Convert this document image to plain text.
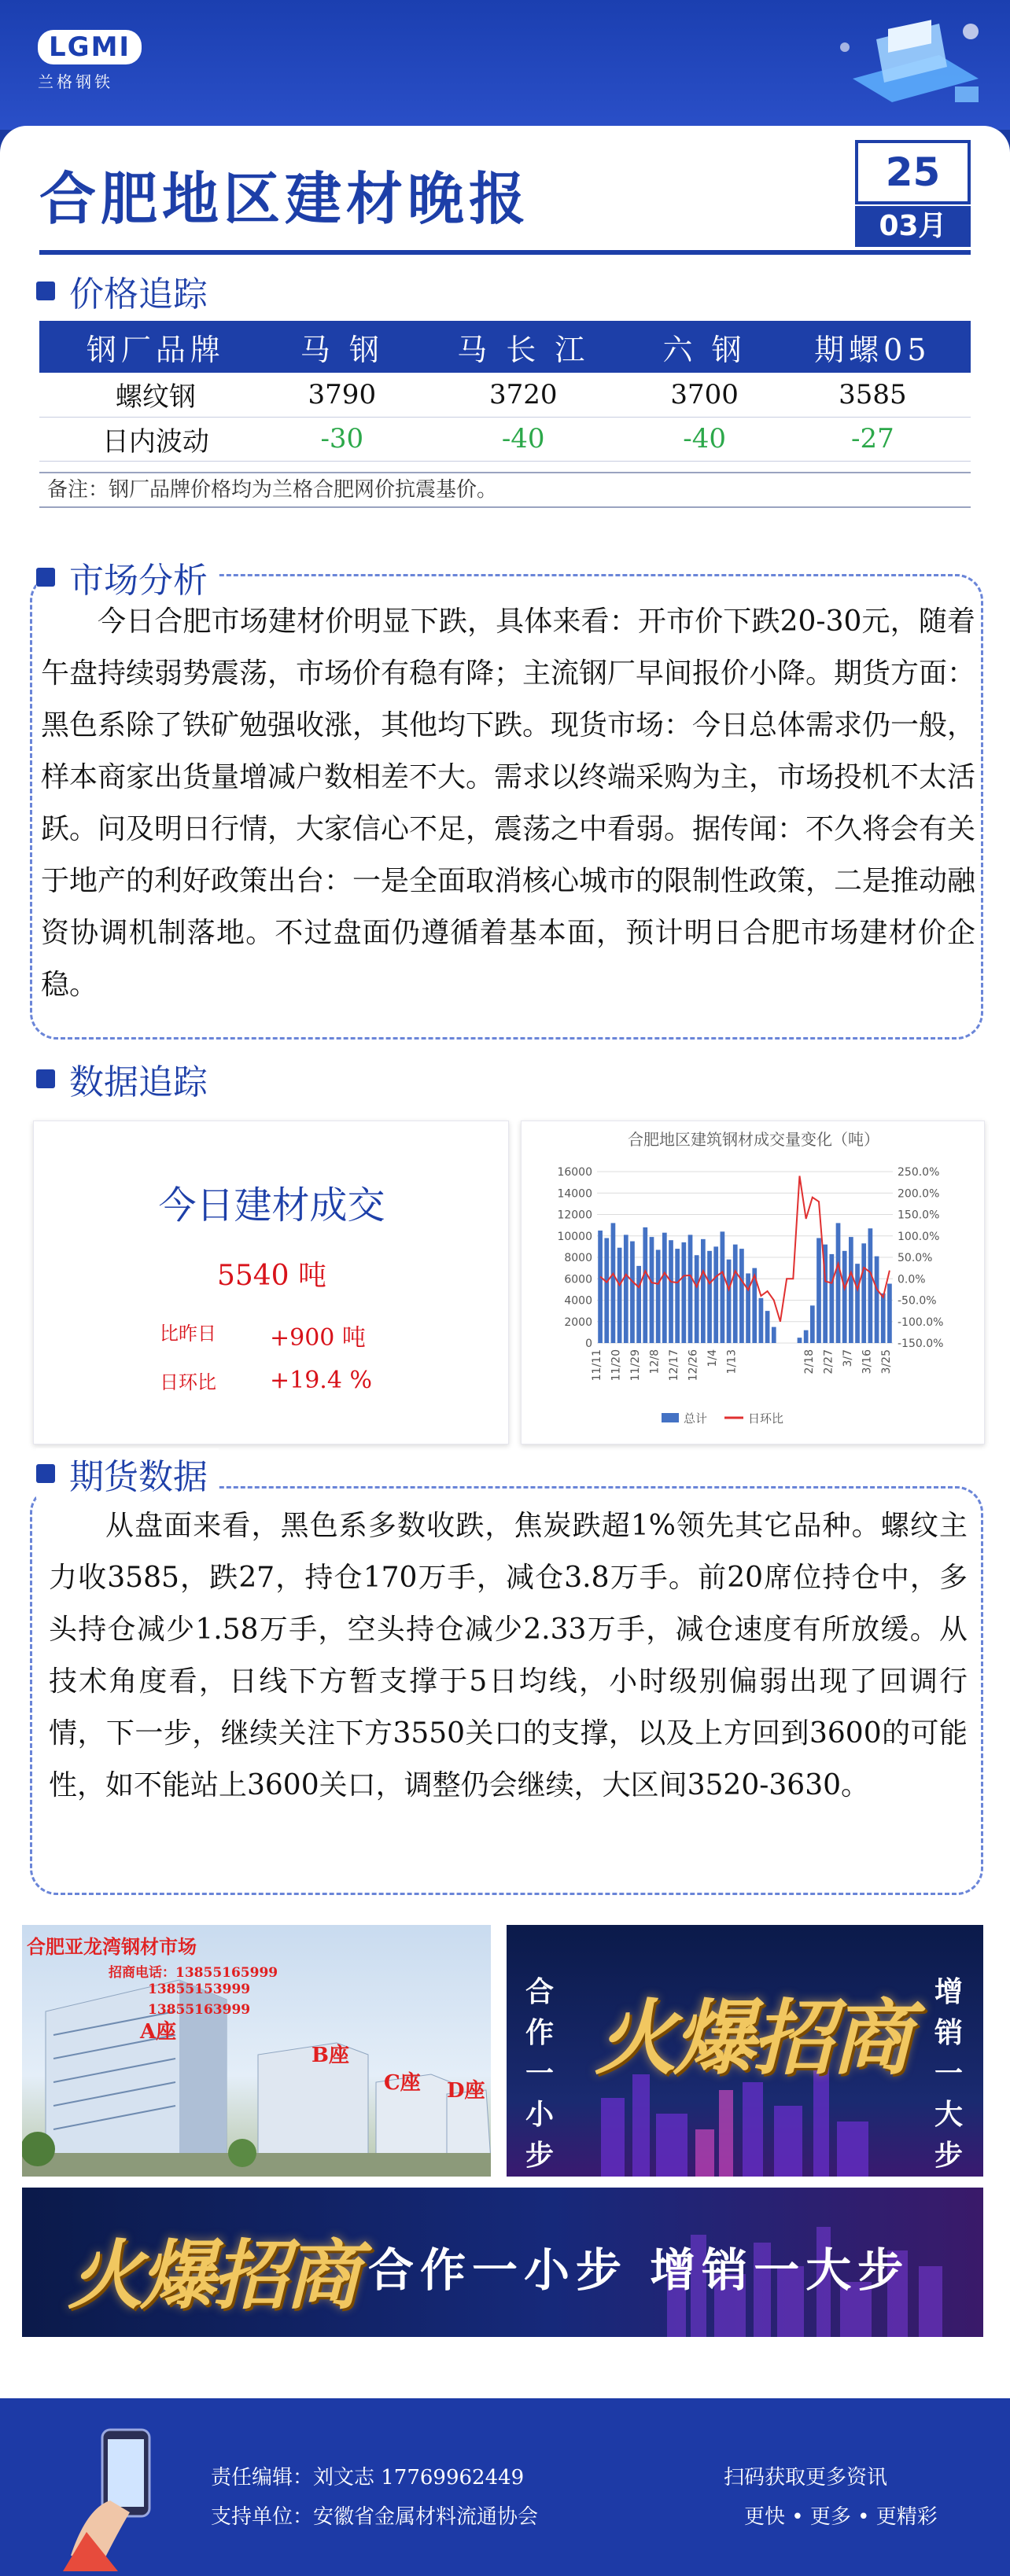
LGMI
兰格钢铁
合肥地区建材晚报	25
03月
价格追踪
钢厂品牌	马 钢	马 长 江	六 钢	期螺05
螺纹钢	3790	3720	3700	3585
日内波动	-30	-40	-40	-27
备注：钢厂品牌价格均为兰格合肥网价抗震基价。
市场分析
今日合肥市场建材价明显下跌，具体来看：开市价下跌20-30元，随着午盘持续弱势震荡，市场价有稳有降；主流钢厂早间报价小降。期货方面：黑色系除了铁矿勉强收涨，其他均下跌。现货市场：今日总体需求仍一般，样本商家出货量增减户数相差不大。需求以终端采购为主，市场投机不太活跃。问及明日行情，大家信心不足，震荡之中看弱。据传闻：不久将会有关于地产的利好政策出台：一是全面取消核心城市的限制性政策，二是推动融资协调机制落地。不过盘面仍遵循着基本面，预计明日合肥市场建材价企稳。
数据追踪
今日建材成交
5540 吨
比昨日	+900 吨
日环比	+19.4 %
合肥地区建筑钢材成交量变化（吨）
0
2000
4000
6000
8000
10000
12000
14000
16000
-150.0%
-100.0%
-50.0%
0.0%
50.0%
100.0%
150.0%
200.0%
250.0%
11/11 11/20 11/29 12/8 12/17 12/26 1/4 1/13	2/18 2/27 3/7 3/16 3/25
总计	日环比
期货数据
从盘面来看，黑色系多数收跌，焦炭跌超1%领先其它品种。螺纹主力收3585，跌27，持仓170万手，减仓3.8万手。前20席位持仓中，多头持仓减少1.58万手，空头持仓减少2.33万手，减仓速度有所放缓。从技术角度看，日线下方暂支撑于5日均线，小时级别偏弱出现了回调行情，下一步，继续关注下方3550关口的支撑，以及上方回到3600的可能性，如不能站上3600关口，调整仍会继续，大区间3520-3630。
合肥亚龙湾钢材市场
招商电话：13855165999
13855153999
13855163999
A座
B座
C座 D座
合作一小步
火爆招商 增销一大步
火爆招商 合作一小步 增销一大步
责任编辑：刘文志 17769962449
支持单位：安徽省金属材料流通协会
扫码获取更多资讯
更快 • 更多 • 更精彩
